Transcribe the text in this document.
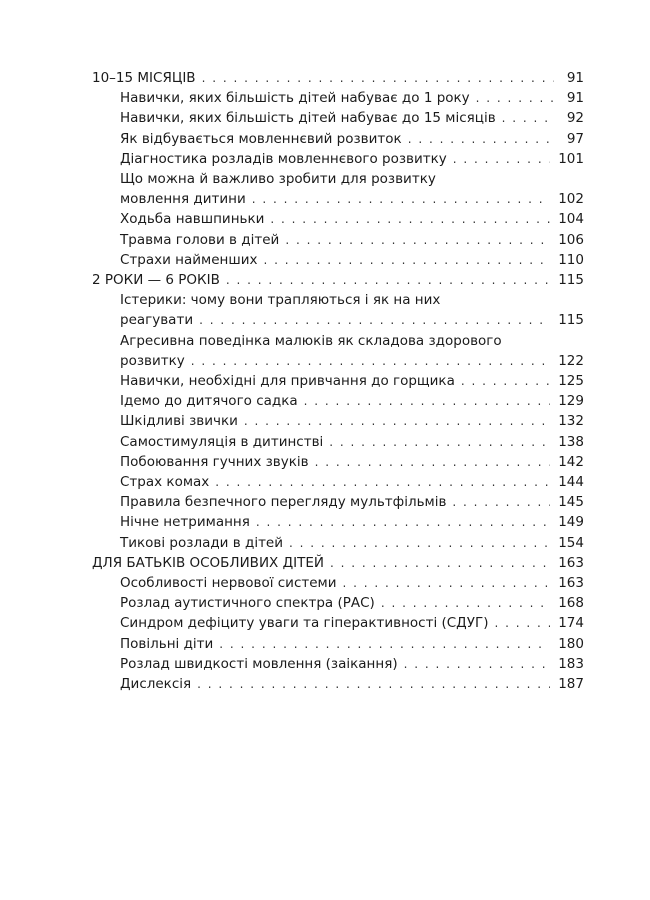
10–15 МІСЯЦІВ . . .	91
Навички, яких більшість дітей набуває до 1 року . . .	91
Навички, яких більшість дітей набуває до 15 місяців . . .	92
Як відбувається мовленнєвий розвиток . . .	97
Діагностика розладів мовленнєвого розвитку . . .	101
Що можна й важливо зробити для розвитку
мовлення дитини . . .	102
Ходьба навшпиньки . . .	104
Травма голови в дітей . . .	106
Страхи найменших . . .	110
2 РОКИ — 6 РОКІВ . . .	115
Істерики: чому вони трапляються і як на них
реагувати . . .	115
Агресивна поведінка малюків як складова здорового
розвитку . . .	122
Навички, необхідні для привчання до горщика . . .	125
Ідемо до дитячого садка . . .	129
Шкідливі звички . . .	132
Самостимуляція в дитинстві . . .	138
Побоювання гучних звуків . . .	142
Страх комах . . .	144
Правила безпечного перегляду мультфільмів . . .	145
Нічне нетримання . . .	149
Тикові розлади в дітей . . .	154
ДЛЯ БАТЬКІВ ОСОБЛИВИХ ДІТЕЙ . . .	163
Особливості нервової системи . . .	163
Розлад аутистичного спектра (РАС) . . .	168
Синдром дефіциту уваги та гіперактивності (СДУГ) . . .	174
Повільні діти . . .	180
Розлад швидкості мовлення (заікання) . . .	183
Дислексія . . .	187
